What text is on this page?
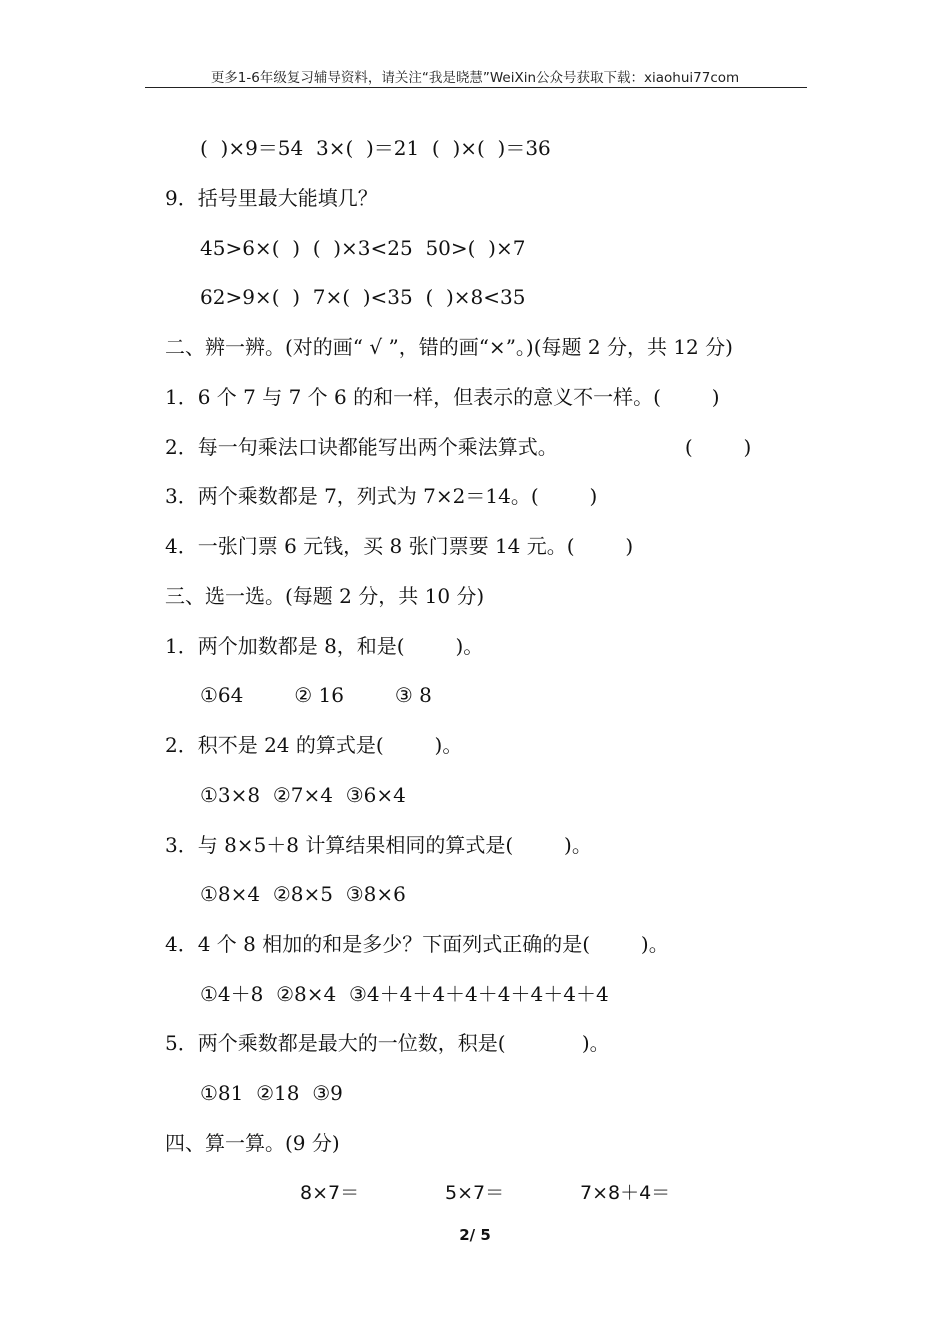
更多1-6年级复习辅导资料，请关注“我是晓慧”WeiXin公众号获取下载：xiaohui77com
(  )×9＝54  3×(  )＝21  (  )×(  )＝36
9．括号里最大能填几？
45>6×(  )  (  )×3<25  50>(  )×7
62>9×(  )  7×(  )<35  (  )×8<35
二、辨一辨。(对的画“ √ ”，错的画“×”。)(每题 2 分，共 12 分)
1．6 个 7 与 7 个 6 的和一样，但表示的意义不一样。(        )
2．每一句乘法口诀都能写出两个乘法算式。                    (        )
3．两个乘数都是 7，列式为 7×2＝14。(        )
4．一张门票 6 元钱，买 8 张门票要 14 元。(        )
三、选一选。(每题 2 分，共 10 分)
1．两个加数都是 8，和是(        )。
①64        ② 16        ③ 8
2．积不是 24 的算式是(        )。
①3×8  ②7×4  ③6×4
3．与 8×5＋8 计算结果相同的算式是(        )。
①8×4  ②8×5  ③8×6
4．4 个 8 相加的和是多少？下面列式正确的是(        )。
①4＋8  ②8×4  ③4＋4＋4＋4＋4＋4＋4＋4
5．两个乘数都是最大的一位数，积是(            )。
①81  ②18  ③9
四、算一算。(9 分)
8×7＝	5×7＝	7×8＋4＝
2/ 5
